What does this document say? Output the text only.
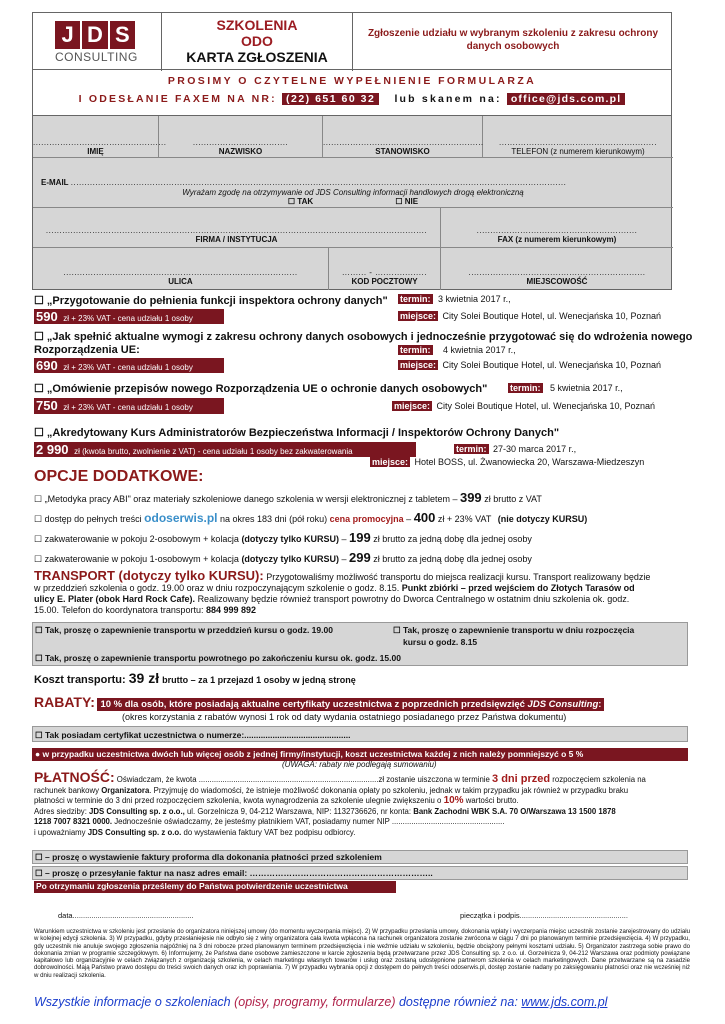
J D S
CONSULTING
SZKOLENIA
ODO
KARTA ZGŁOSZENIA
Zgłoszenie udziału w wybranym szkoleniu z zakresu ochrony danych osobowych
PROSIMY O CZYTELNE WYPEŁNIENIE FORMULARZA
I ODESŁANIE FAXEM NA NR: (22) 651 60 32 lub skanem na: office@jds.com.pl
.................................................
IMIĘ
...................................
NAZWISKO
...........................................................
STANOWISKO
..........................................................
TELEFON (z numerem kierunkowym)
E-MAIL ......................................................................................................................................................................................
Wyrażam zgodę na otrzymywanie od JDS Consulting informacji handlowych drogą elektroniczną
☐ TAK	☐ NIE
............................................................................................................................................
FIRMA / INSTYTUCJA
...........................................................
FAX (z numerem kierunkowym)
......................................................................................
ULICA
......... - ...................
KOD POCZTOWY
.................................................................
MIEJSCOWOŚĆ
☐ „Przygotowanie do pełnienia funkcji inspektora ochrony danych" termin: 3 kwietnia 2017 r.,
590 zł + 23% VAT - cena udziału 1 osoby	miejsce: City Solei Boutique Hotel, ul. Wenecjańska 10, Poznań
☐ „Jak spełnić aktualne wymogi z zakresu ochrony danych osobowych i jednocześnie przygotować się do wdrożenia nowego
Rozporządzenia UE:	termin: 4 kwietnia 2017 r.,
690 zł + 23% VAT - cena udziału 1 osoby	miejsce: City Solei Boutique Hotel, ul. Wenecjańska 10, Poznań
☐ „Omówienie przepisów nowego Rozporządzenia UE o ochronie danych osobowych"	termin: 5 kwietnia 2017 r.,
750 zł + 23% VAT - cena udziału 1 osoby	miejsce: City Solei Boutique Hotel, ul. Wenecjańska 10, Poznań
☐ „Akredytowany Kurs Administratorów Bezpieczeństwa Informacji / Inspektorów Ochrony Danych"
2 990 zł (kwota brutto, zwolnienie z VAT) - cena udziału 1 osoby bez zakwaterowania	termin: 27-30 marca 2017 r.,
miejsce: Hotel BOSS, ul. Żwanowiecka 20, Warszawa-Miedzeszyn
OPCJE DODATKOWE:
☐ „Metodyka pracy ABI" oraz materiały szkoleniowe danego szkolenia w wersji elektronicznej z tabletem – 399 zł brutto z VAT
☐ dostęp do pełnych treści odoserwis.pl na okres 183 dni (pół roku) cena promocyjna – 400 zł + 23% VAT (nie dotyczy KURSU)
☐ zakwaterowanie w pokoju 2-osobowym + kolacja (dotyczy tylko KURSU) – 199 zł brutto za jedną dobę dla jednej osoby
☐ zakwaterowanie w pokoju 1-osobowym + kolacja (dotyczy tylko KURSU) – 299 zł brutto za jedną dobę dla jednej osoby
TRANSPORT (dotyczy tylko KURSU): Przygotowaliśmy możliwość transportu do miejsca realizacji kursu. Transport realizowany będzie
w przeddzień szkolenia o godz. 19.00 oraz w dniu rozpoczynającym szkolenie o godz. 8.15. Punkt zbiórki – przed wejściem do Złotych Tarasów od
ulicy E. Plater (obok Hard Rock Cafe). Realizowany będzie również transport powrotny do Dworca Centralnego w ostatnim dniu szkolenia ok. godz.
15.00. Telefon do koordynatora transportu: 884 999 892
☐ Tak, proszę o zapewnienie transportu w przeddzień kursu o godz. 19.00	☐ Tak, proszę o zapewnienie transportu w dniu rozpoczęcia
kursu o godz. 8.15
☐ Tak, proszę o zapewnienie transportu powrotnego po zakończeniu kursu ok. godz. 15.00
Koszt transportu: 39 zł brutto – za 1 przejazd 1 osoby w jedną stronę
RABATY: 10 % dla osób, które posiadają aktualne certyfikaty uczestnictwa z poprzednich przedsięwzięć JDS Consulting:
(okres korzystania z rabatów wynosi 1 rok od daty wydania ostatniego posiadanego przez Państwa dokumentu)
☐ Tak posiadam certyfikat uczestnictwa o numerze:.............................................
● w przypadku uczestnictwa dwóch lub więcej osób z jednej firmy/instytucji, koszt uczestnictwa każdej z nich należy pomniejszyć o 5 %
(UWAGA: rabaty nie podlegają sumowaniu)
PŁATNOŚĆ: Oświadczam, że kwota ...................................................................................zł zostanie uiszczona w terminie 3 dni przed rozpoczęciem szkolenia na
rachunek bankowy Organizatora. Przyjmuję do wiadomości, że istnieje możliwość dokonania opłaty po szkoleniu, jednak w takim przypadku jak również w przypadku braku
płatności w terminie do 3 dni przed rozpoczęciem szkolenia, kwota wynagrodzenia za szkolenie ulegnie zwiększeniu o 10% wartości brutto.
Adres siedziby: JDS Consulting sp. z o.o., ul. Gorzelnicza 9, 04-212 Warszawa, NIP: 1132736626, nr konta: Bank Zachodni WBK S.A. 70 O/Warszawa 13 1500 1878
1218 7007 8321 0000. Jednocześnie oświadczamy, że jesteśmy płatnikiem VAT, posiadamy numer NIP ....................................................
i upoważniamy JDS Consulting sp. z o.o. do wystawienia faktury VAT bez podpisu odbiorcy.
☐ – proszę o wystawienie faktury proforma dla dokonania płatności przed szkoleniem
☐ – proszę o przesyłanie faktur na nasz adres email: ………………………………………………………..
Po otrzymaniu zgłoszenia prześlemy do Państwa potwierdzenie uczestnictwa
data..........................................................	pieczątka i podpis....................................................
Warunkiem uczestnictwa w szkoleniu jest przesłanie do organizatora niniejszej umowy (do momentu wyczerpania miejsc). 2) W przypadku przesłania umowy, dokonania wpłaty i wyczerpania miejsc uczestnik zostanie zarejestrowany do udziału w kolejnej edycji szkolenia. 3) W przypadku, gdyby przesłaniejesie nie odbyło się z winy organizatora cała kwota wpłacona na rachunek organizatora zostanie zwrócona w ciągu 7 dni po planowanym terminie przedsięwzięcia. 4) W przypadku, gdy uczestnik nie anuluje swojego zgłoszenia najpóźniej na 3 dni robocze przed planowanym terminem przedsięwzięcia i nie weźmie udziału w szkoleniu, będzie obciążony pełnymi kosztami udziału. 5) Organizator zastrzega sobie prawo do dokonania zmian w programie szczegółowym. 6) Informujemy, że Państwa dane osobowe zamieszczone w karcie zgłoszenia będą przetwarzane przez JDS Consulting sp. z o.o. ul. Gorzelnicza 9, 04-212 Warszawa oraz podmioty powiązane kapitałowo lub organizacyjnie w celach związanych z organizacją szkolenia, w celach marketingu własnych towarów i usług oraz zostaną udostępnione partnerom szkolenia w celach marketingowych. Dane przetwarzane są na zasadzie dobrowolności. Mają Państwo prawo dostępu do treści swoich danych oraz ich poprawiania. 7) W przypadku wybrania opcji z dostępem do pełnych treści odoserwis.pl, dostęp zostanie nadany po zaksięgowaniu płatności oraz nie wcześniej niż w dniu realizacji szkolenia.
Wszystkie informacje o szkoleniach (opisy, programy, formularze) dostępne również na: www.jds.com.pl
